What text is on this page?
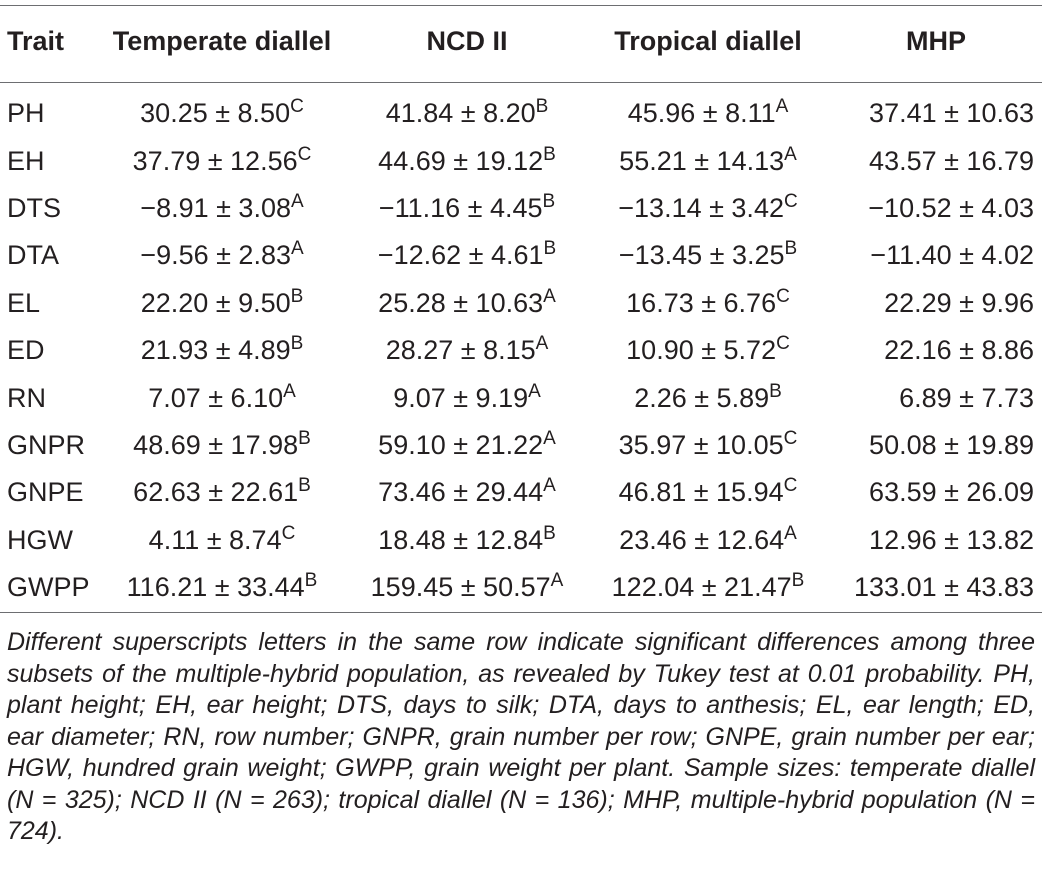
Trait	Temperate diallel	NCD II	Tropical diallel	MHP
PH	$30.25 \pm 8.50^C$	$41.84 \pm 8.20^B$	$45.96 \pm 8.11^A$	37.41 ± 10.63
EH	$37.79 \pm 12.56^C$	$44.69 \pm 19.12^B$	$55.21 \pm 14.13^A$	43.57 ± 16.79
DTS	$-8.91 \pm 3.08^A$	$-11.16 \pm 4.45^B$	$-13.14 \pm 3.42^C$	−10.52 ± 4.03
DTA	$-9.56 \pm 2.83^A$	$-12.62 \pm 4.61^B$	$-13.45 \pm 3.25^B$	−11.40 ± 4.02
EL	$22.20 \pm 9.50^B$	$25.28 \pm 10.63^A$	$16.73 \pm 6.76^C$	22.29 ± 9.96
ED	$21.93 \pm 4.89^B$	$28.27 \pm 8.15^A$	$10.90 \pm 5.72^C$	22.16 ± 8.86
RN	$7.07 \pm 6.10^A$	$9.07 \pm 9.19^A$	$2.26 \pm 5.89^B$	6.89 ± 7.73
GNPR	$48.69 \pm 17.98^B$	$59.10 \pm 21.22^A$	$35.97 \pm 10.05^C$	50.08 ± 19.89
GNPE	$62.63 \pm 22.61^B$	$73.46 \pm 29.44^A$	$46.81 \pm 15.94^C$	63.59 ± 26.09
HGW	$4.11 \pm 8.74^C$	$18.48 \pm 12.84^B$	$23.46 \pm 12.64^A$	12.96 ± 13.82
GWPP	$116.21 \pm 33.44^B$	$159.45 \pm 50.57^A$	$122.04 \pm 21.47^B$	133.01 ± 43.83

Different superscripts letters in the same row indicate significant differences among three subsets of the multiple-hybrid population, as revealed by Tukey test at 0.01 probability. PH, plant height; EH, ear height; DTS, days to silk; DTA, days to anthesis; EL, ear length; ED, ear diameter; RN, row number; GNPR, grain number per row; GNPE, grain number per ear; HGW, hundred grain weight; GWPP, grain weight per plant. Sample sizes: temperate diallel (N = 325); NCD II (N = 263); tropical diallel (N = 136); MHP, multiple-hybrid population (N = 724).
